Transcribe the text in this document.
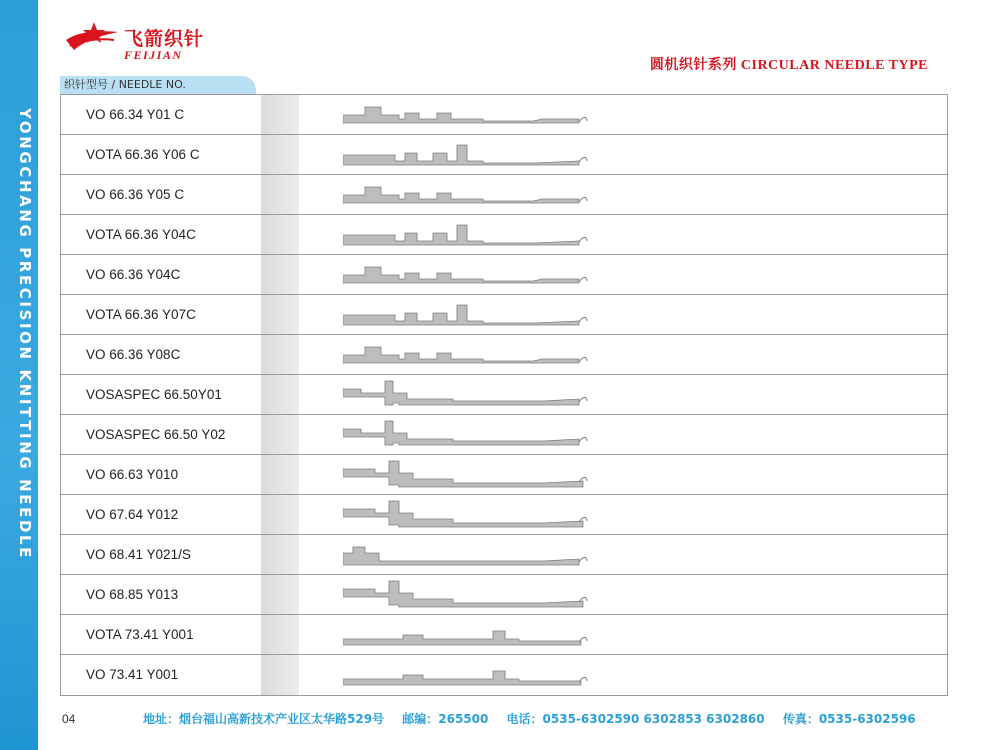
YONGCHANG PRECISION KNITTING NEEDLE
飞箭织针
FEIJIAN
圆机织针系列 CIRCULAR NEEDLE TYPE
织针型号 / NEEDLE NO.
VO 66.34 Y01 C
VOTA 66.36 Y06 C
VO 66.36 Y05 C
VOTA 66.36 Y04C
VO 66.36 Y04C
VOTA 66.36 Y07C
VO 66.36 Y08C
VOSASPEC 66.50Y01
VOSASPEC 66.50 Y02
VO 66.63 Y010
VO 67.64 Y012
VO 68.41 Y021/S
VO 68.85 Y013
VOTA 73.41 Y001
VO 73.41 Y001
04	地址：烟台福山高新技术产业区太华路529号 邮编：265500 电话：0535-6302590 6302853 6302860 传真：0535-6302596
